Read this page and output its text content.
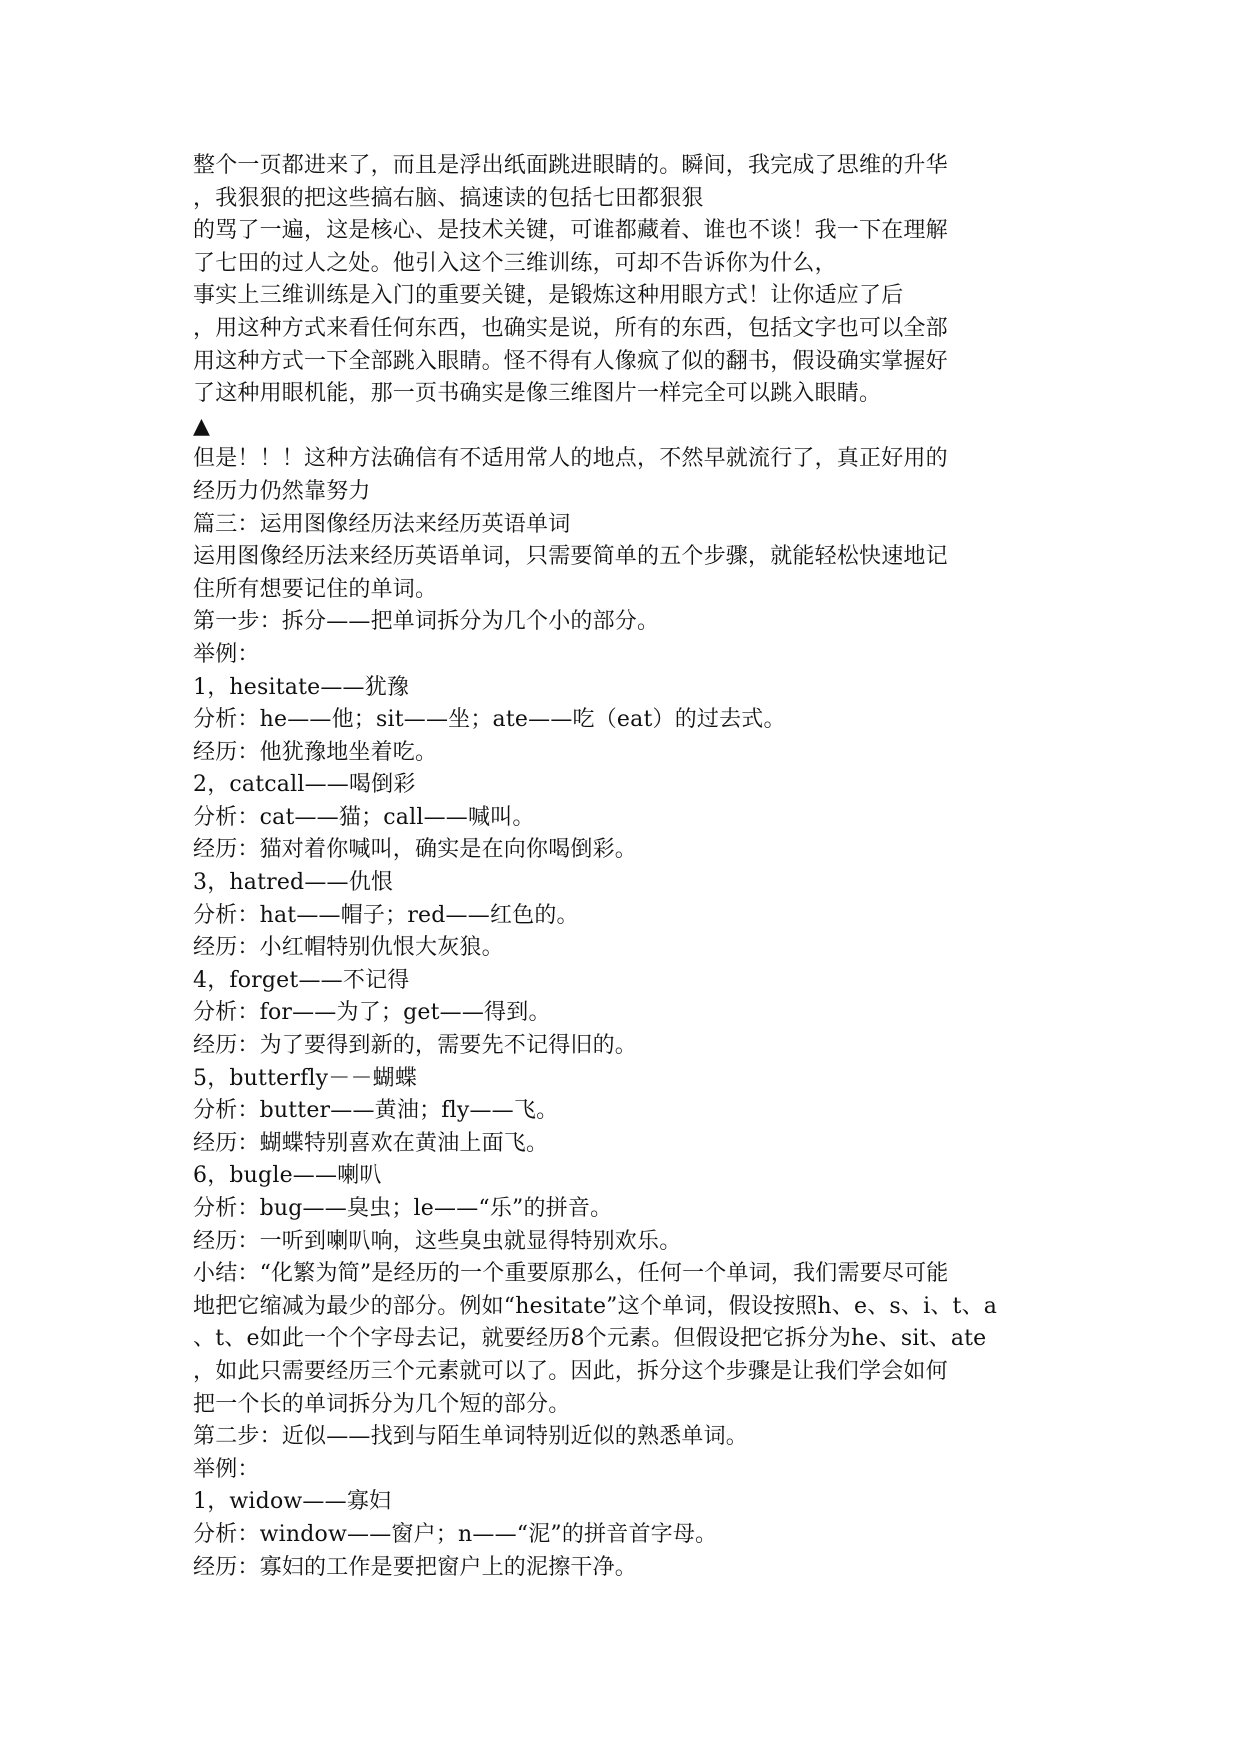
整个一页都进来了，而且是浮出纸面跳进眼睛的。瞬间，我完成了思维的升华
，我狠狠的把这些搞右脑、搞速读的包括七田都狠狠
的骂了一遍，这是核心、是技术关键，可谁都藏着、谁也不谈！我一下在理解
了七田的过人之处。他引入这个三维训练，可却不告诉你为什么，
事实上三维训练是入门的重要关键，是锻炼这种用眼方式！让你适应了后
，用这种方式来看任何东西，也确实是说，所有的东西，包括文字也可以全部
用这种方式一下全部跳入眼睛。怪不得有人像疯了似的翻书，假设确实掌握好
了这种用眼机能，那一页书确实是像三维图片一样完全可以跳入眼睛。
▲
但是！！！这种方法确信有不适用常人的地点，不然早就流行了，真正好用的
经历力仍然靠努力
篇三：运用图像经历法来经历英语单词
运用图像经历法来经历英语单词，只需要简单的五个步骤，就能轻松快速地记
住所有想要记住的单词。
第一步：拆分——把单词拆分为几个小的部分。
举例：
1，hesitate——犹豫
分析：he——他；sit——坐；ate——吃（eat）的过去式。
经历：他犹豫地坐着吃。
2，catcall——喝倒彩
分析：cat——猫；call——喊叫。
经历：猫对着你喊叫，确实是在向你喝倒彩。
3，hatred——仇恨
分析：hat——帽子；red——红色的。
经历：小红帽特别仇恨大灰狼。
4，forget——不记得
分析：for——为了；get——得到。
经历：为了要得到新的，需要先不记得旧的。
5，butterfly－－蝴蝶
分析：butter——黄油；fly——飞。
经历：蝴蝶特别喜欢在黄油上面飞。
6，bugle——喇叭
分析：bug——臭虫；le——“乐”的拼音。
经历：一听到喇叭响，这些臭虫就显得特别欢乐。
小结：“化繁为简”是经历的一个重要原那么，任何一个单词，我们需要尽可能
地把它缩减为最少的部分。例如“hesitate”这个单词，假设按照h、e、s、i、t、a
、t、e如此一个个字母去记，就要经历8个元素。但假设把它拆分为he、sit、ate
，如此只需要经历三个元素就可以了。因此，拆分这个步骤是让我们学会如何
把一个长的单词拆分为几个短的部分。
第二步：近似——找到与陌生单词特别近似的熟悉单词。
举例：
1，widow——寡妇
分析：window——窗户；n——“泥”的拼音首字母。
经历：寡妇的工作是要把窗户上的泥擦干净。
